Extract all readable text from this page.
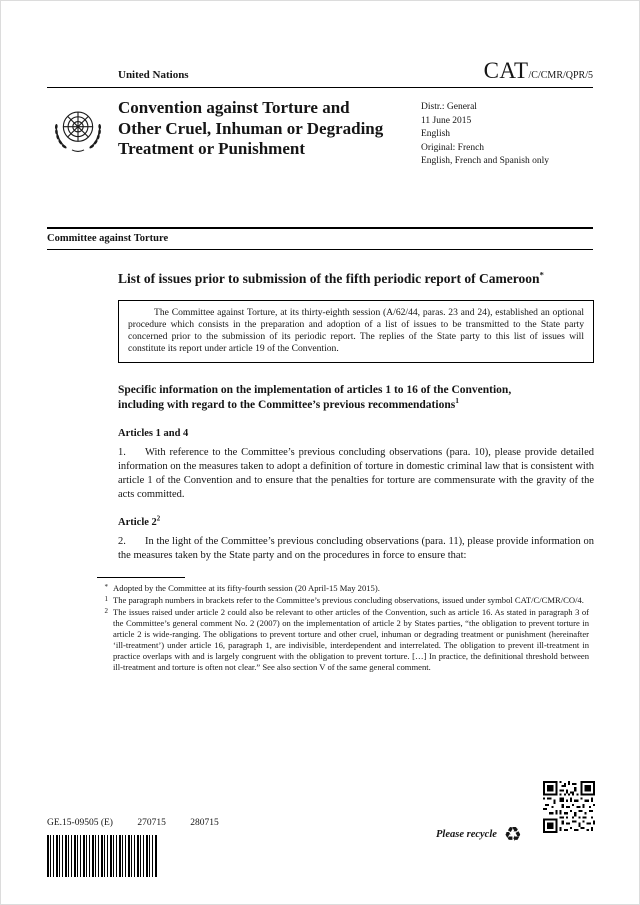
United Nations	CAT/C/CMR/QPR/5
Convention against Torture and Other Cruel, Inhuman or Degrading Treatment or Punishment
Distr.: General
11 June 2015
English
Original: French
English, French and Spanish only
Committee against Torture
List of issues prior to submission of the fifth periodic report of Cameroon*
The Committee against Torture, at its thirty-eighth session (A/62/44, paras. 23 and 24), established an optional procedure which consists in the preparation and adoption of a list of issues to be transmitted to the State party concerned prior to the submission of its periodic report. The replies of the State party to this list of issues will constitute its report under article 19 of the Convention.
Specific information on the implementation of articles 1 to 16 of the Convention, including with regard to the Committee’s previous recommendations$^1$
Articles 1 and 4

1. With reference to the Committee’s previous concluding observations (para. 10), please provide detailed information on the measures taken to adopt a definition of torture in domestic criminal law that is consistent with article 1 of the Convention and to ensure that the penalties for torture are commensurate with the gravity of the acts committed.

Article $2^2$

2. In the light of the Committee’s previous concluding observations (para. 11), please provide information on the measures taken by the State party and on the procedures in force to ensure that:

* Adopted by the Committee at its fifty-fourth session (20 April-15 May 2015).
1 The paragraph numbers in brackets refer to the Committee’s previous concluding observations, issued under symbol CAT/C/CMR/CO/4.
2 The issues raised under article 2 could also be relevant to other articles of the Convention, such as article 16. As stated in paragraph 3 of the Committee’s general comment No. 2 (2007) on the implementation of article 2 by States parties, “the obligation to prevent torture in article 2 is wide-ranging. The obligations to prevent torture and other cruel, inhuman or degrading treatment or punishment (hereinafter ‘ill-treatment’) under article 16, paragraph 1, are indivisible, interdependent and interrelated. The obligation to prevent ill-treatment in practice overlaps with and is largely congruent with the obligation to prevent torture. […] In practice, the definitional threshold between ill-treatment and torture is often not clear.” See also section V of the same general comment.
GE.15-09505 (E)	270715	280715
Please recycle ♻
